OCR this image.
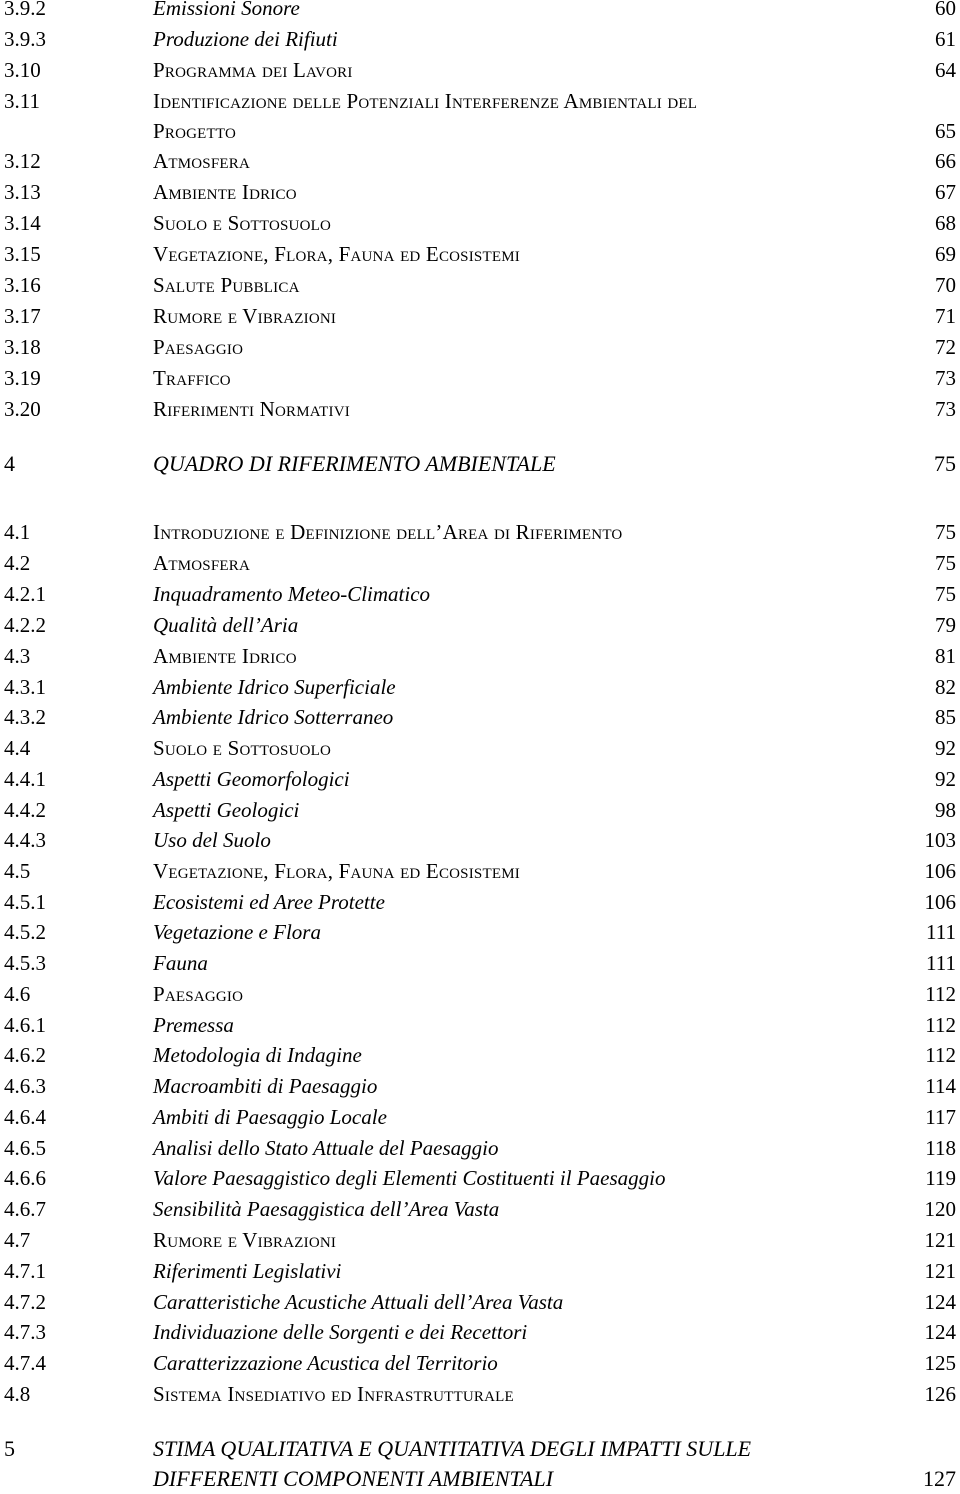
3.9.2	Emissioni Sonore	60
3.9.3	Produzione dei Rifiuti	61
3.10	Programma dei Lavori	64
3.11	Identificazione delle Potenziali Interferenze Ambientali del
Progetto	65
3.12	Atmosfera	66
3.13	Ambiente Idrico	67
3.14	Suolo e Sottosuolo	68
3.15	Vegetazione, Flora, Fauna ed Ecosistemi	69
3.16	Salute Pubblica	70
3.17	Rumore e Vibrazioni	71
3.18	Paesaggio	72
3.19	Traffico	73
3.20	Riferimenti Normativi	73
4	QUADRO DI RIFERIMENTO AMBIENTALE	75
4.1	Introduzione e Definizione dell’Area di Riferimento	75
4.2	Atmosfera	75
4.2.1	Inquadramento Meteo-Climatico	75
4.2.2	Qualità dell’Aria	79
4.3	Ambiente Idrico	81
4.3.1	Ambiente Idrico Superficiale	82
4.3.2	Ambiente Idrico Sotterraneo	85
4.4	Suolo e Sottosuolo	92
4.4.1	Aspetti Geomorfologici	92
4.4.2	Aspetti Geologici	98
4.4.3	Uso del Suolo	103
4.5	Vegetazione, Flora, Fauna ed Ecosistemi	106
4.5.1	Ecosistemi ed Aree Protette	106
4.5.2	Vegetazione e Flora	111
4.5.3	Fauna	111
4.6	Paesaggio	112
4.6.1	Premessa	112
4.6.2	Metodologia di Indagine	112
4.6.3	Macroambiti di Paesaggio	114
4.6.4	Ambiti di Paesaggio Locale	117
4.6.5	Analisi dello Stato Attuale del Paesaggio	118
4.6.6	Valore Paesaggistico degli Elementi Costituenti il Paesaggio	119
4.6.7	Sensibilità Paesaggistica dell’Area Vasta	120
4.7	Rumore e Vibrazioni	121
4.7.1	Riferimenti Legislativi	121
4.7.2	Caratteristiche Acustiche Attuali dell’Area Vasta	124
4.7.3	Individuazione delle Sorgenti e dei Recettori	124
4.7.4	Caratterizzazione Acustica del Territorio	125
4.8	Sistema Insediativo ed Infrastrutturale	126
5	STIMA QUALITATIVA E QUANTITATIVA DEGLI IMPATTI SULLE
DIFFERENTI COMPONENTI AMBIENTALI	127
